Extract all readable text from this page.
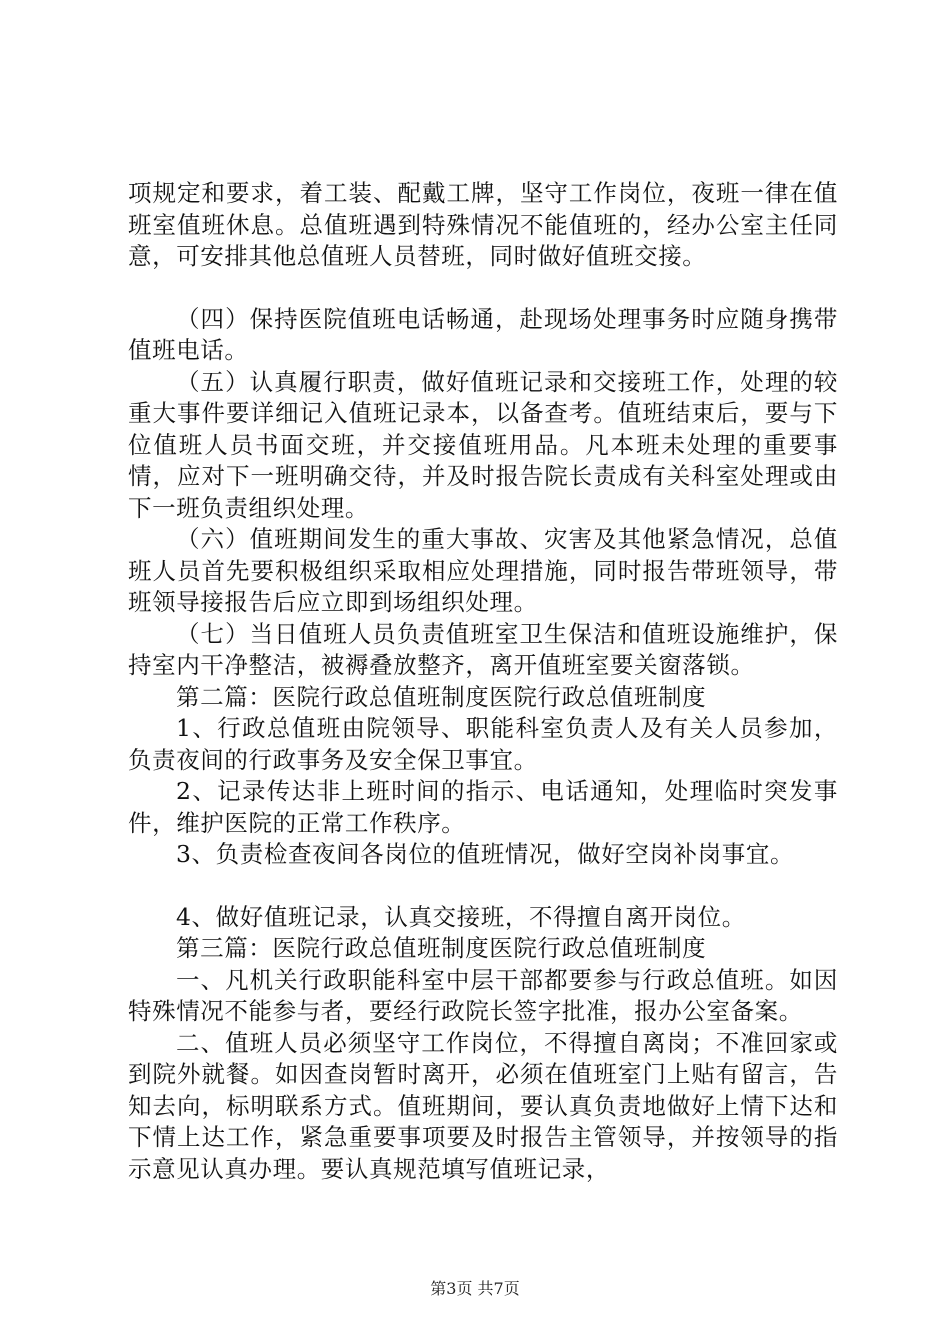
项规定和要求，着工装、配戴工牌，坚守工作岗位，夜班一律在值班室值班休息。总值班遇到特殊情况不能值班的，经办公室主任同意，可安排其他总值班人员替班，同时做好值班交接。

（四）保持医院值班电话畅通，赴现场处理事务时应随身携带值班电话。

（五）认真履行职责，做好值班记录和交接班工作，处理的较重大事件要详细记入值班记录本，以备查考。值班结束后，要与下位值班人员书面交班，并交接值班用品。凡本班未处理的重要事情，应对下一班明确交待，并及时报告院长责成有关科室处理或由下一班负责组织处理。

（六）值班期间发生的重大事故、灾害及其他紧急情况，总值班人员首先要积极组织采取相应处理措施，同时报告带班领导，带班领导接报告后应立即到场组织处理。

（七）当日值班人员负责值班室卫生保洁和值班设施维护，保持室内干净整洁，被褥叠放整齐，离开值班室要关窗落锁。

第二篇：医院行政总值班制度医院行政总值班制度

1、行政总值班由院领导、职能科室负责人及有关人员参加，负责夜间的行政事务及安全保卫事宜。

2、记录传达非上班时间的指示、电话通知，处理临时突发事件，维护医院的正常工作秩序。

3、负责检查夜间各岗位的值班情况，做好空岗补岗事宜。

4、做好值班记录，认真交接班，不得擅自离开岗位。

第三篇：医院行政总值班制度医院行政总值班制度

一、凡机关行政职能科室中层干部都要参与行政总值班。如因特殊情况不能参与者，要经行政院长签字批准，报办公室备案。

二、值班人员必须坚守工作岗位，不得擅自离岗；不准回家或到院外就餐。如因查岗暂时离开，必须在值班室门上贴有留言，告知去向，标明联系方式。值班期间，要认真负责地做好上情下达和下情上达工作，紧急重要事项要及时报告主管领导，并按领导的指示意见认真办理。要认真规范填写值班记录，

第3页 共7页
